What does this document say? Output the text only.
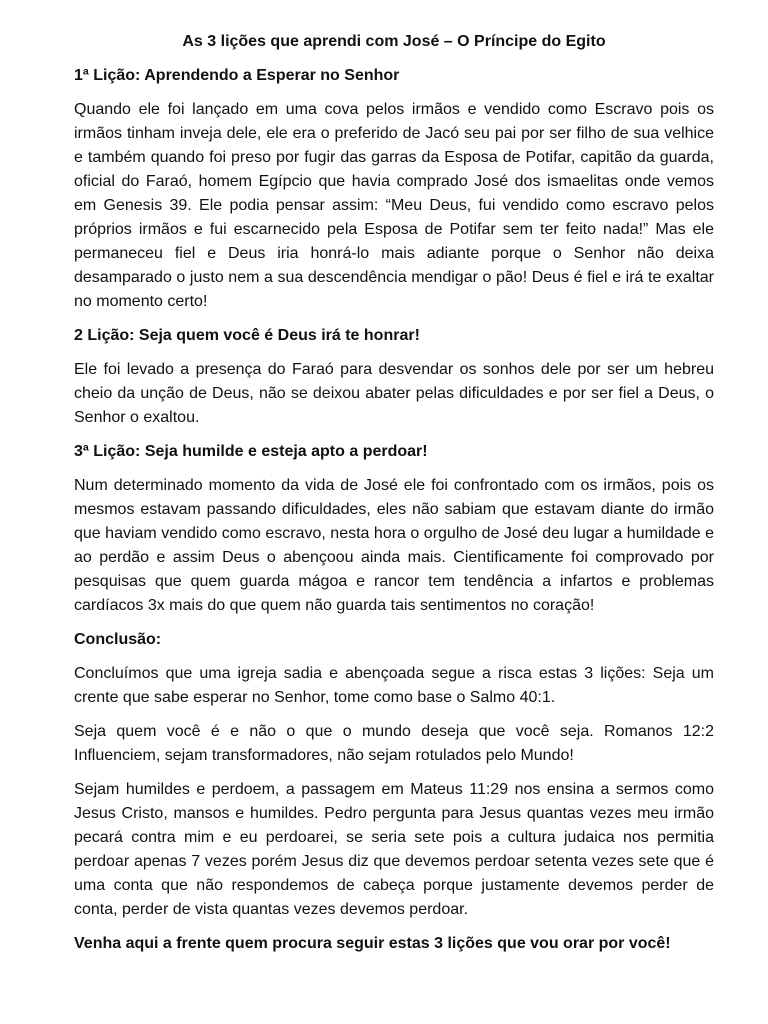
As 3 lições que aprendi com José – O Príncipe do Egito
1ª Lição: Aprendendo a Esperar no Senhor

Quando ele foi lançado em uma cova pelos irmãos e vendido como Escravo pois os irmãos tinham inveja dele, ele era o preferido de Jacó seu pai por ser filho de sua velhice e também quando foi preso por fugir das garras da Esposa de Potifar, capitão da guarda, oficial do Faraó, homem Egípcio que havia comprado José dos ismaelitas onde vemos em Genesis 39. Ele podia pensar assim: “Meu Deus, fui vendido como escravo pelos próprios irmãos e fui escarnecido pela Esposa de Potifar sem ter feito nada!” Mas ele permaneceu fiel e Deus iria honrá-lo mais adiante porque o Senhor não deixa desamparado o justo nem a sua descendência mendigar o pão! Deus é fiel e irá te exaltar no momento certo!

2 Lição: Seja quem você é Deus irá te honrar!

Ele foi levado a presença do Faraó para desvendar os sonhos dele por ser um hebreu cheio da unção de Deus, não se deixou abater pelas dificuldades e por ser fiel a Deus, o Senhor o exaltou.

3ª Lição: Seja humilde e esteja apto a perdoar!

Num determinado momento da vida de José ele foi confrontado com os irmãos, pois os mesmos estavam passando dificuldades, eles não sabiam que estavam diante do irmão que haviam vendido como escravo, nesta hora o orgulho de José deu lugar a humildade e ao perdão e assim Deus o abençoou ainda mais. Cientificamente foi comprovado por pesquisas que quem guarda mágoa e rancor tem tendência a infartos e problemas cardíacos 3x mais do que quem não guarda tais sentimentos no coração!

Conclusão:

Concluímos que uma igreja sadia e abençoada segue a risca estas 3 lições: Seja um crente que sabe esperar no Senhor, tome como base o Salmo 40:1.

Seja quem você é e não o que o mundo deseja que você seja. Romanos 12:2 Influenciem, sejam transformadores, não sejam rotulados pelo Mundo!

Sejam humildes e perdoem, a passagem em Mateus 11:29 nos ensina a sermos como Jesus Cristo, mansos e humildes. Pedro pergunta para Jesus quantas vezes meu irmão pecará contra mim e eu perdoarei, se seria sete pois a cultura judaica nos permitia perdoar apenas 7 vezes porém Jesus diz que devemos perdoar setenta vezes sete que é uma conta que não respondemos de cabeça porque justamente devemos perder de conta, perder de vista quantas vezes devemos perdoar.

Venha aqui a frente quem procura seguir estas 3 lições que vou orar por você!
